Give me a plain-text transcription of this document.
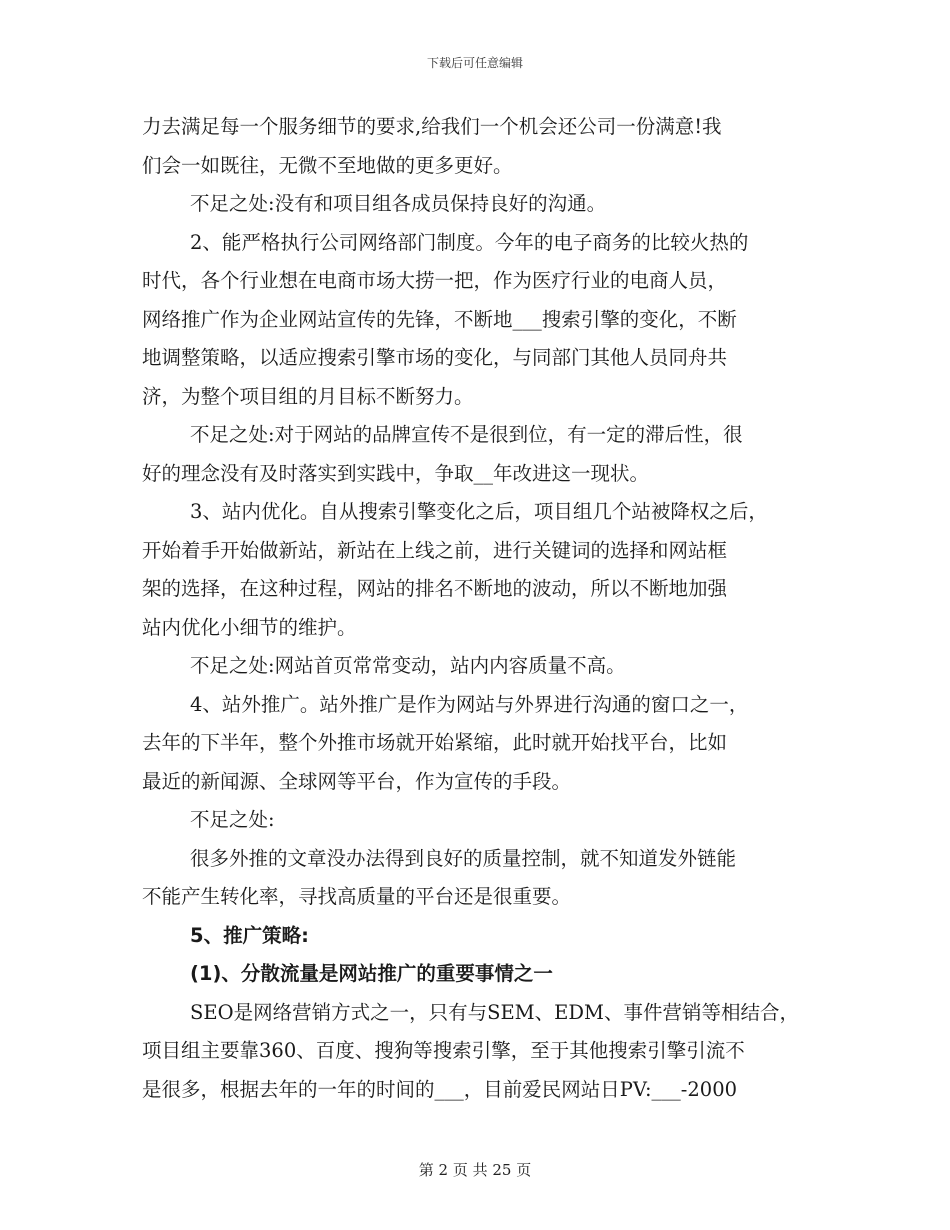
下载后可任意编辑
力去满足每一个服务细节的要求,给我们一个机会还公司一份满意!我
们会一如既往，无微不至地做的更多更好。
不足之处:没有和项目组各成员保持良好的沟通。
2、能严格执行公司网络部门制度。今年的电子商务的比较火热的
时代，各个行业想在电商市场大捞一把，作为医疗行业的电商人员，
网络推广作为企业网站宣传的先锋，不断地___搜索引擎的变化，不断
地调整策略，以适应搜索引擎市场的变化，与同部门其他人员同舟共
济，为整个项目组的月目标不断努力。
不足之处:对于网站的品牌宣传不是很到位，有一定的滞后性，很
好的理念没有及时落实到实践中，争取__年改进这一现状。
3、站内优化。自从搜索引擎变化之后，项目组几个站被降权之后，
开始着手开始做新站，新站在上线之前，进行关键词的选择和网站框
架的选择，在这种过程，网站的排名不断地的波动，所以不断地加强
站内优化小细节的维护。
不足之处:网站首页常常变动，站内内容质量不高。
4、站外推广。站外推广是作为网站与外界进行沟通的窗口之一，
去年的下半年，整个外推市场就开始紧缩，此时就开始找平台，比如
最近的新闻源、全球网等平台，作为宣传的手段。
不足之处:
很多外推的文章没办法得到良好的质量控制，就不知道发外链能
不能产生转化率，寻找高质量的平台还是很重要。
5、推广策略:
(1)、分散流量是网站推广的重要事情之一
SEO是网络营销方式之一，只有与SEM、EDM、事件营销等相结合，
项目组主要靠360、百度、搜狗等搜索引擎，至于其他搜索引擎引流不
是很多，根据去年的一年的时间的___，目前爱民网站日PV:___-2000
第 2 页 共 25 页
